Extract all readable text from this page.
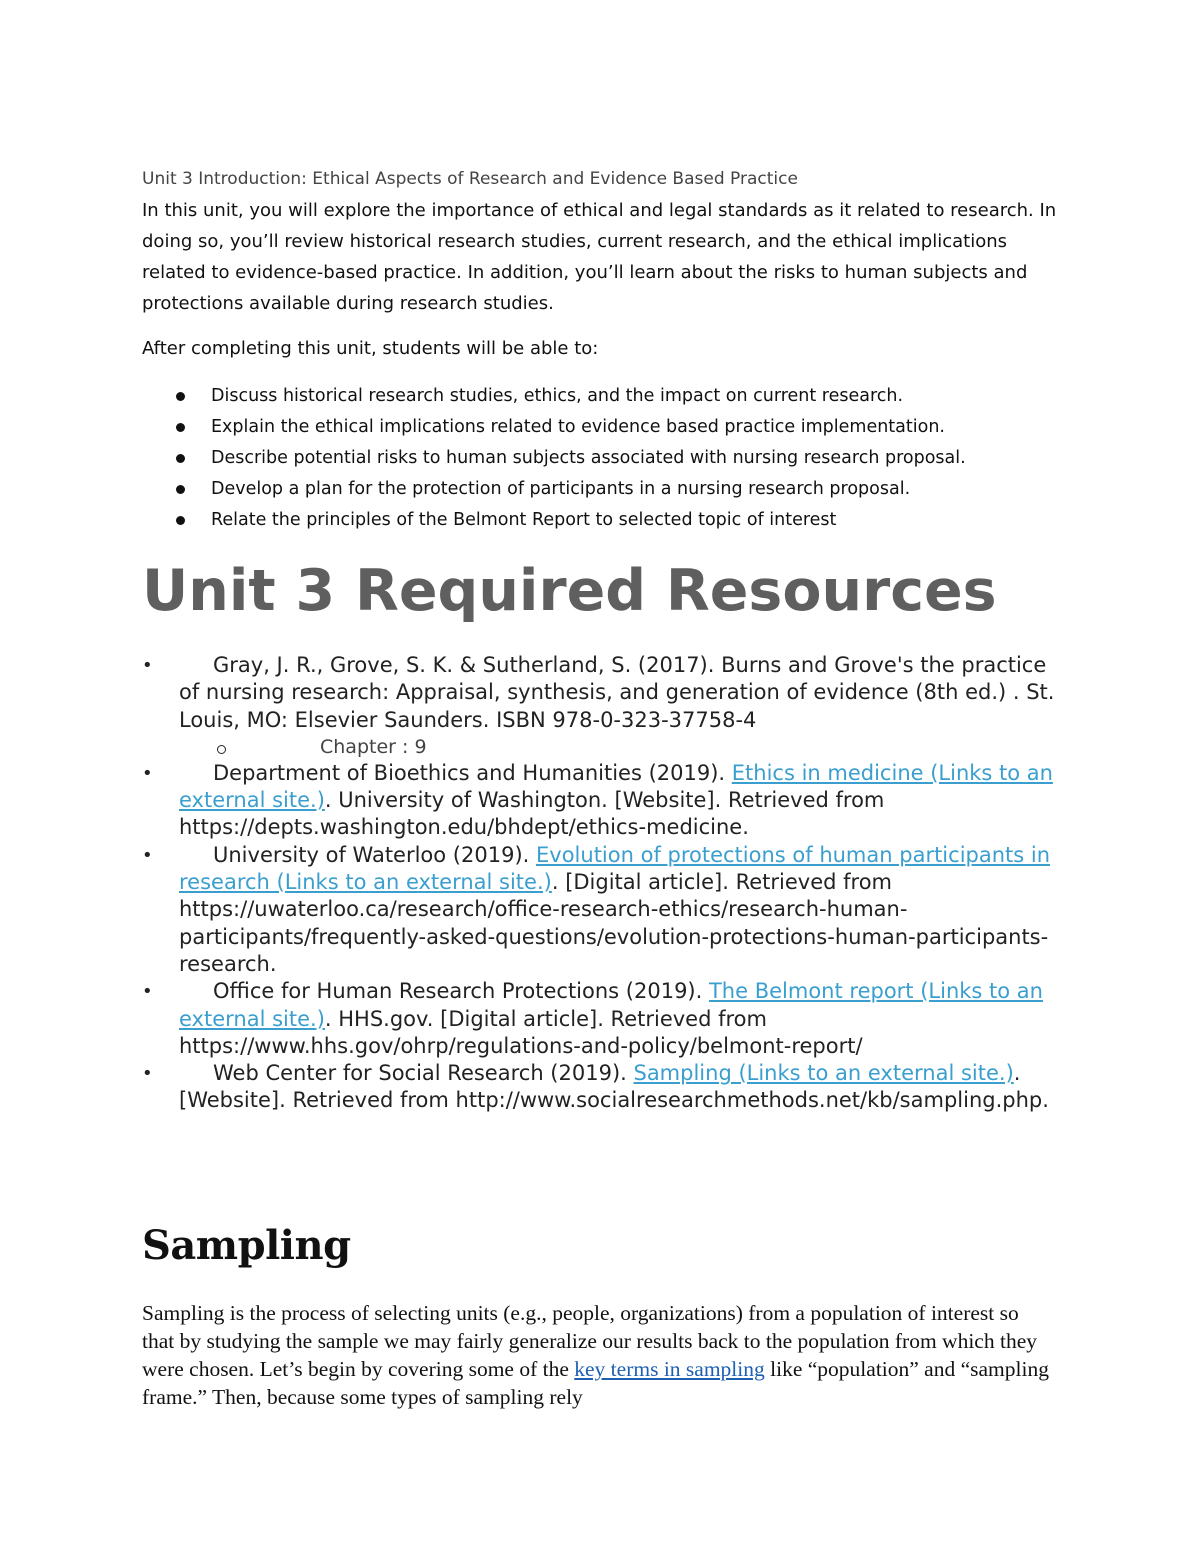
Unit 3 Introduction: Ethical Aspects of Research and Evidence Based Practice

In this unit, you will explore the importance of ethical and legal standards as it related to research. In doing so, you’ll review historical research studies, current research, and the ethical implications related to evidence-based practice. In addition, you’ll learn about the risks to human subjects and protections available during research studies.

After completing this unit, students will be able to:

Discuss historical research studies, ethics, and the impact on current research.
Explain the ethical implications related to evidence based practice implementation.
Describe potential risks to human subjects associated with nursing research proposal.
Develop a plan for the protection of participants in a nursing research proposal.
Relate the principles of the Belmont Report to selected topic of interest
Unit 3 Required Resources
•	Gray, J. R., Grove, S. K. & Sutherland, S. (2017). Burns and Grove's the practice of nursing research: Appraisal, synthesis, and generation of evidence (8th ed.) . St. Louis, MO: Elsevier Saunders. ISBN 978-0-323-37758-4
Chapter : 9
•	Department of Bioethics and Humanities (2019). Ethics in medicine (Links to an external site.). University of Washington. [Website]. Retrieved from https://depts.washington.edu/bhdept/ethics-medicine.
•	University of Waterloo (2019). Evolution of protections of human participants in research (Links to an external site.). [Digital article]. Retrieved from https://uwaterloo.ca/research/office-research-ethics/research-human-participants/frequently-asked-questions/evolution-protections-human-participants-research.
•	Office for Human Research Protections (2019). The Belmont report (Links to an external site.). HHS.gov. [Digital article]. Retrieved from https://www.hhs.gov/ohrp/regulations-and-policy/belmont-report/
•	Web Center for Social Research (2019). Sampling (Links to an external site.). [Website]. Retrieved from http://www.socialresearchmethods.net/kb/sampling.php.
Sampling

Sampling is the process of selecting units (e.g., people, organizations) from a population of interest so that by studying the sample we may fairly generalize our results back to the population from which they were chosen. Let’s begin by covering some of the key terms in sampling like “population” and “sampling frame.” Then, because some types of sampling rely
